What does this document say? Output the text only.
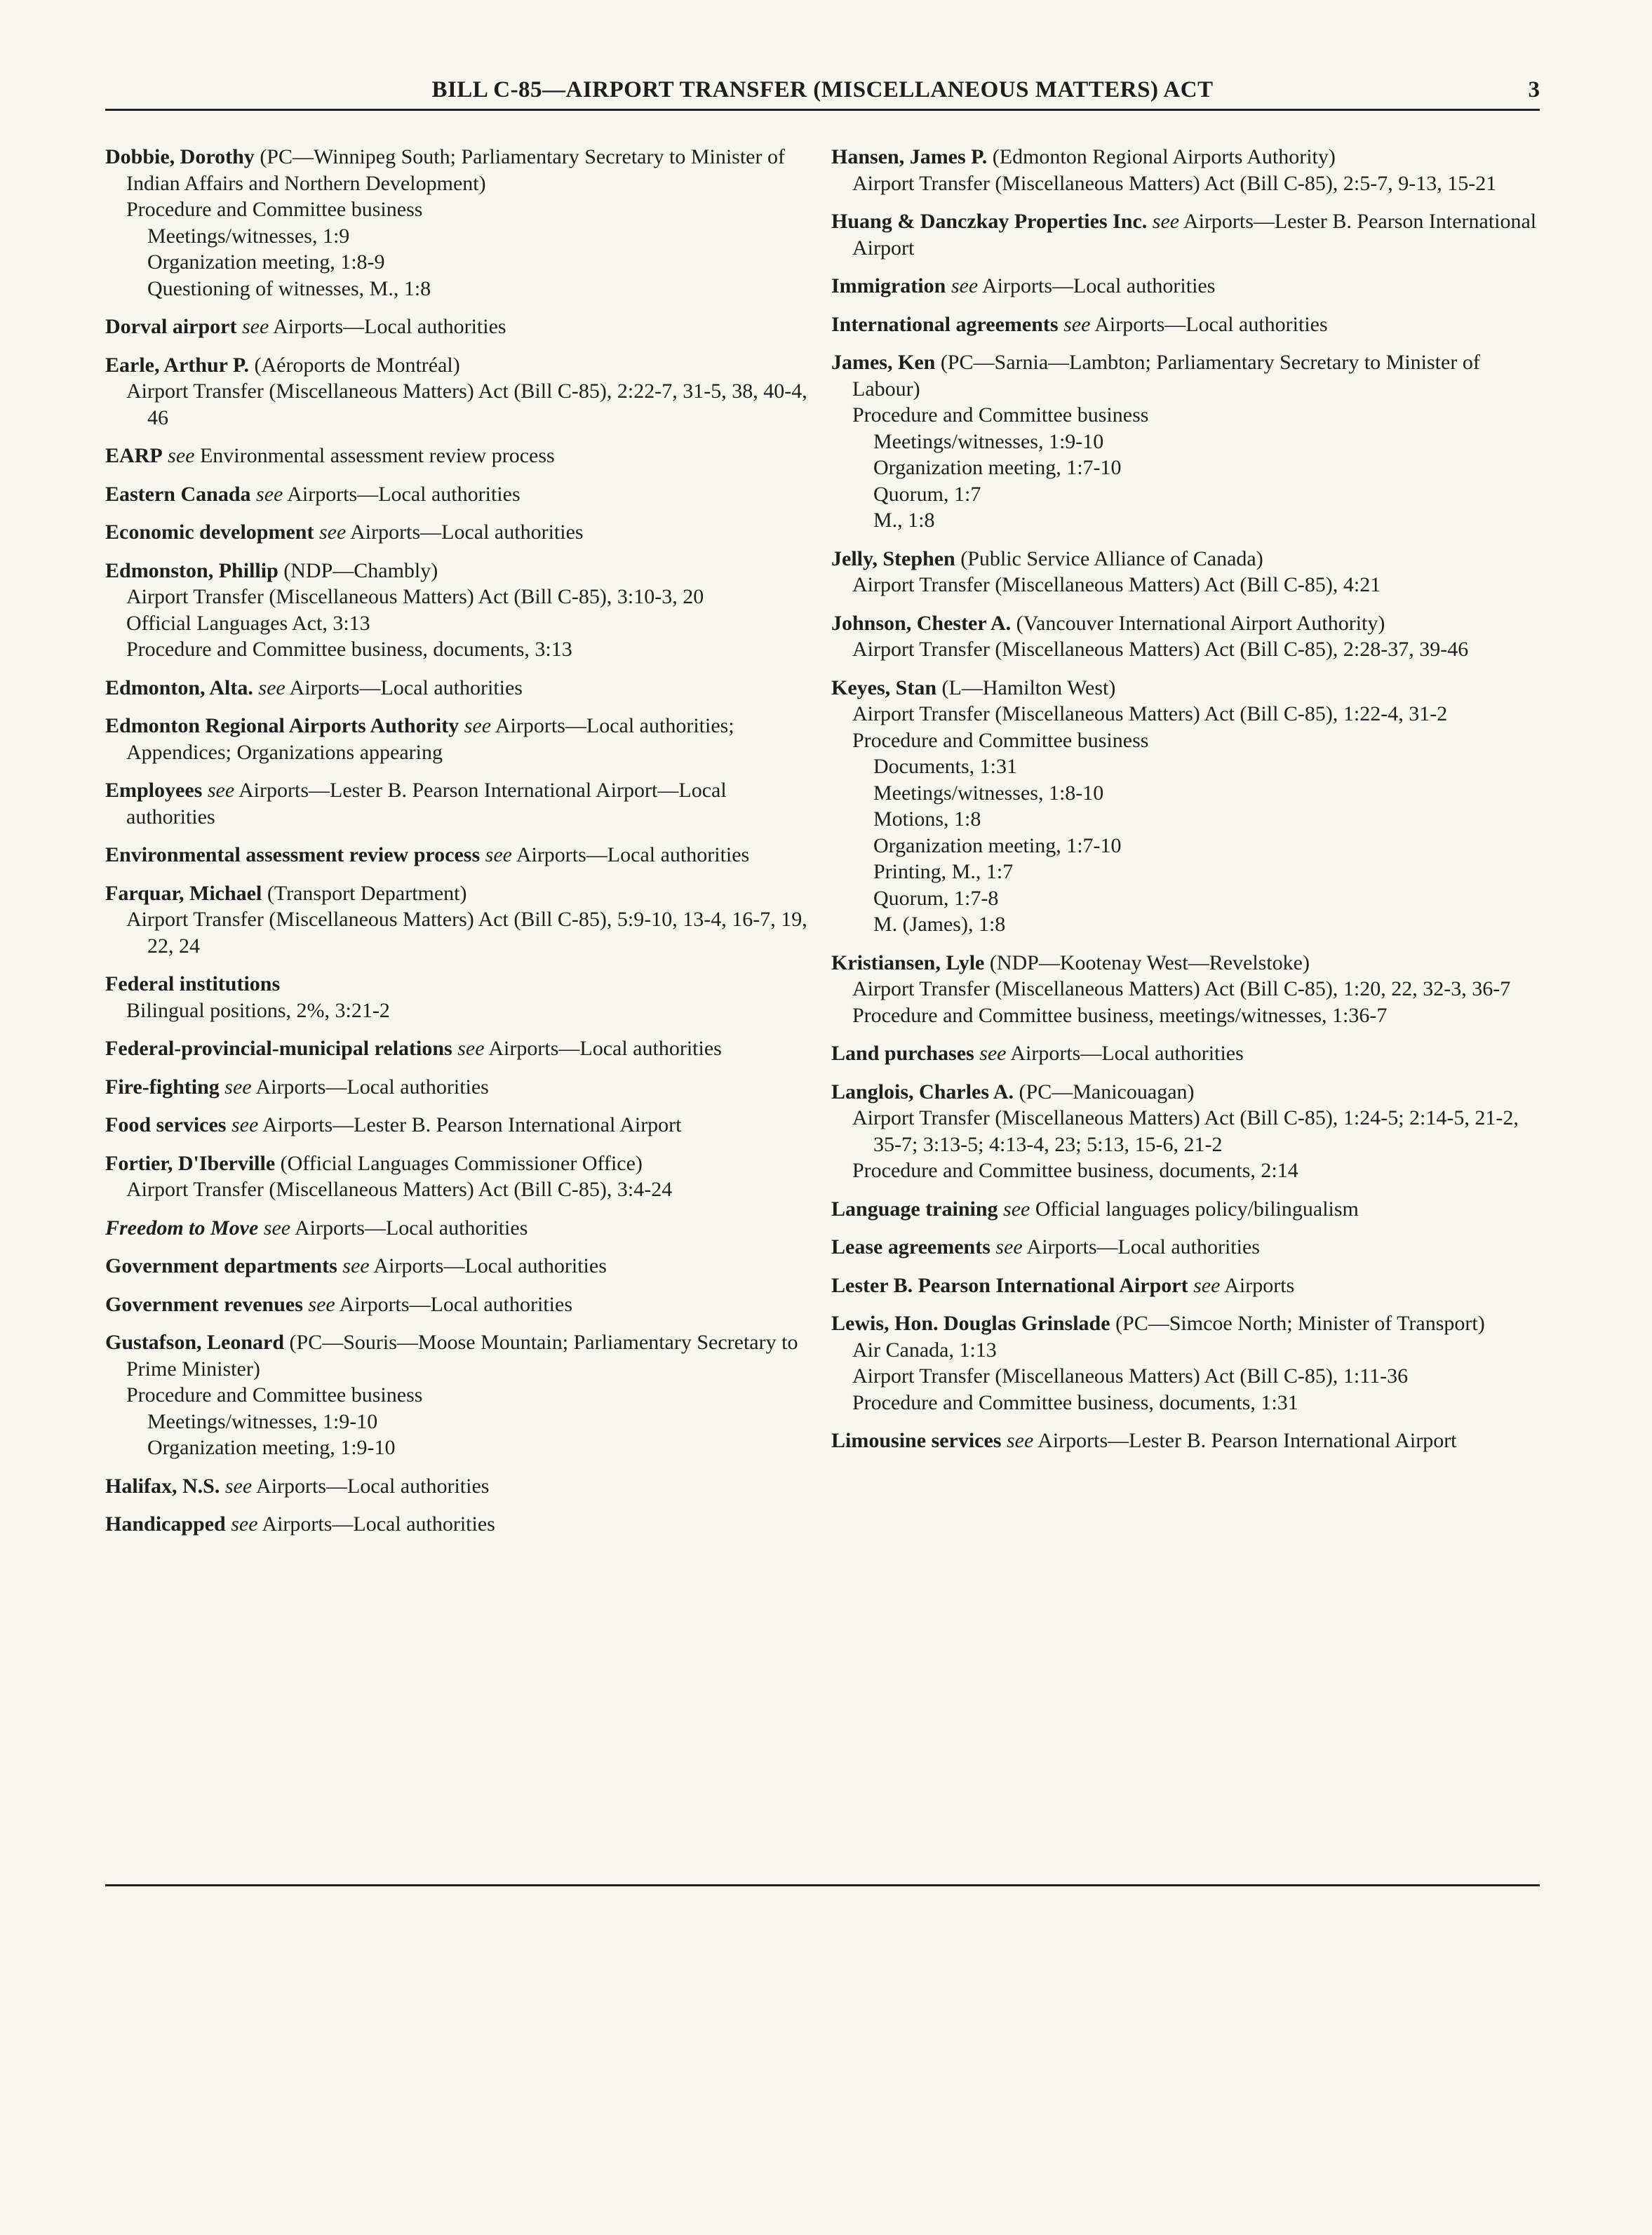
BILL C-85—AIRPORT TRANSFER (MISCELLANEOUS MATTERS) ACT	3

Dobbie, Dorothy (PC—Winnipeg South; Parliamentary Secretary to Minister of Indian Affairs and Northern Development)

Procedure and Committee business

Meetings/witnesses, 1:9

Organization meeting, 1:8-9

Questioning of witnesses, M., 1:8

Dorval airport see Airports—Local authorities

Earle, Arthur P. (Aéroports de Montréal)

Airport Transfer (Miscellaneous Matters) Act (Bill C-85), 2:22-7, 31-5, 38, 40-4, 46

EARP see Environmental assessment review process

Eastern Canada see Airports—Local authorities

Economic development see Airports—Local authorities

Edmonston, Phillip (NDP—Chambly)

Airport Transfer (Miscellaneous Matters) Act (Bill C-85), 3:10-3, 20

Official Languages Act, 3:13

Procedure and Committee business, documents, 3:13

Edmonton, Alta. see Airports—Local authorities

Edmonton Regional Airports Authority see Airports—Local authorities; Appendices; Organizations appearing

Employees see Airports—Lester B. Pearson International Airport—Local authorities

Environmental assessment review process see Airports—Local authorities

Farquar, Michael (Transport Department)

Airport Transfer (Miscellaneous Matters) Act (Bill C-85), 5:9-10, 13-4, 16-7, 19, 22, 24

Federal institutions

Bilingual positions, 2%, 3:21-2

Federal-provincial-municipal relations see Airports—Local authorities

Fire-fighting see Airports—Local authorities

Food services see Airports—Lester B. Pearson International Airport

Fortier, D'Iberville (Official Languages Commissioner Office)

Airport Transfer (Miscellaneous Matters) Act (Bill C-85), 3:4-24

Freedom to Move see Airports—Local authorities

Government departments see Airports—Local authorities

Government revenues see Airports—Local authorities

Gustafson, Leonard (PC—Souris—Moose Mountain; Parliamentary Secretary to Prime Minister)

Procedure and Committee business

Meetings/witnesses, 1:9-10

Organization meeting, 1:9-10

Halifax, N.S. see Airports—Local authorities

Handicapped see Airports—Local authorities

Hansen, James P. (Edmonton Regional Airports Authority)

Airport Transfer (Miscellaneous Matters) Act (Bill C-85), 2:5-7, 9-13, 15-21

Huang & Danczkay Properties Inc. see Airports—Lester B. Pearson International Airport

Immigration see Airports—Local authorities

International agreements see Airports—Local authorities

James, Ken (PC—Sarnia—Lambton; Parliamentary Secretary to Minister of Labour)

Procedure and Committee business

Meetings/witnesses, 1:9-10

Organization meeting, 1:7-10

Quorum, 1:7

M., 1:8

Jelly, Stephen (Public Service Alliance of Canada)

Airport Transfer (Miscellaneous Matters) Act (Bill C-85), 4:21

Johnson, Chester A. (Vancouver International Airport Authority)

Airport Transfer (Miscellaneous Matters) Act (Bill C-85), 2:28-37, 39-46

Keyes, Stan (L—Hamilton West)

Airport Transfer (Miscellaneous Matters) Act (Bill C-85), 1:22-4, 31-2

Procedure and Committee business

Documents, 1:31

Meetings/witnesses, 1:8-10

Motions, 1:8

Organization meeting, 1:7-10

Printing, M., 1:7

Quorum, 1:7-8

M. (James), 1:8

Kristiansen, Lyle (NDP—Kootenay West—Revelstoke)

Airport Transfer (Miscellaneous Matters) Act (Bill C-85), 1:20, 22, 32-3, 36-7

Procedure and Committee business, meetings/witnesses, 1:36-7

Land purchases see Airports—Local authorities

Langlois, Charles A. (PC—Manicouagan)

Airport Transfer (Miscellaneous Matters) Act (Bill C-85), 1:24-5; 2:14-5, 21-2, 35-7; 3:13-5; 4:13-4, 23; 5:13, 15-6, 21-2

Procedure and Committee business, documents, 2:14

Language training see Official languages policy/bilingualism

Lease agreements see Airports—Local authorities

Lester B. Pearson International Airport see Airports

Lewis, Hon. Douglas Grinslade (PC—Simcoe North; Minister of Transport)

Air Canada, 1:13

Airport Transfer (Miscellaneous Matters) Act (Bill C-85), 1:11-36

Procedure and Committee business, documents, 1:31

Limousine services see Airports—Lester B. Pearson International Airport
